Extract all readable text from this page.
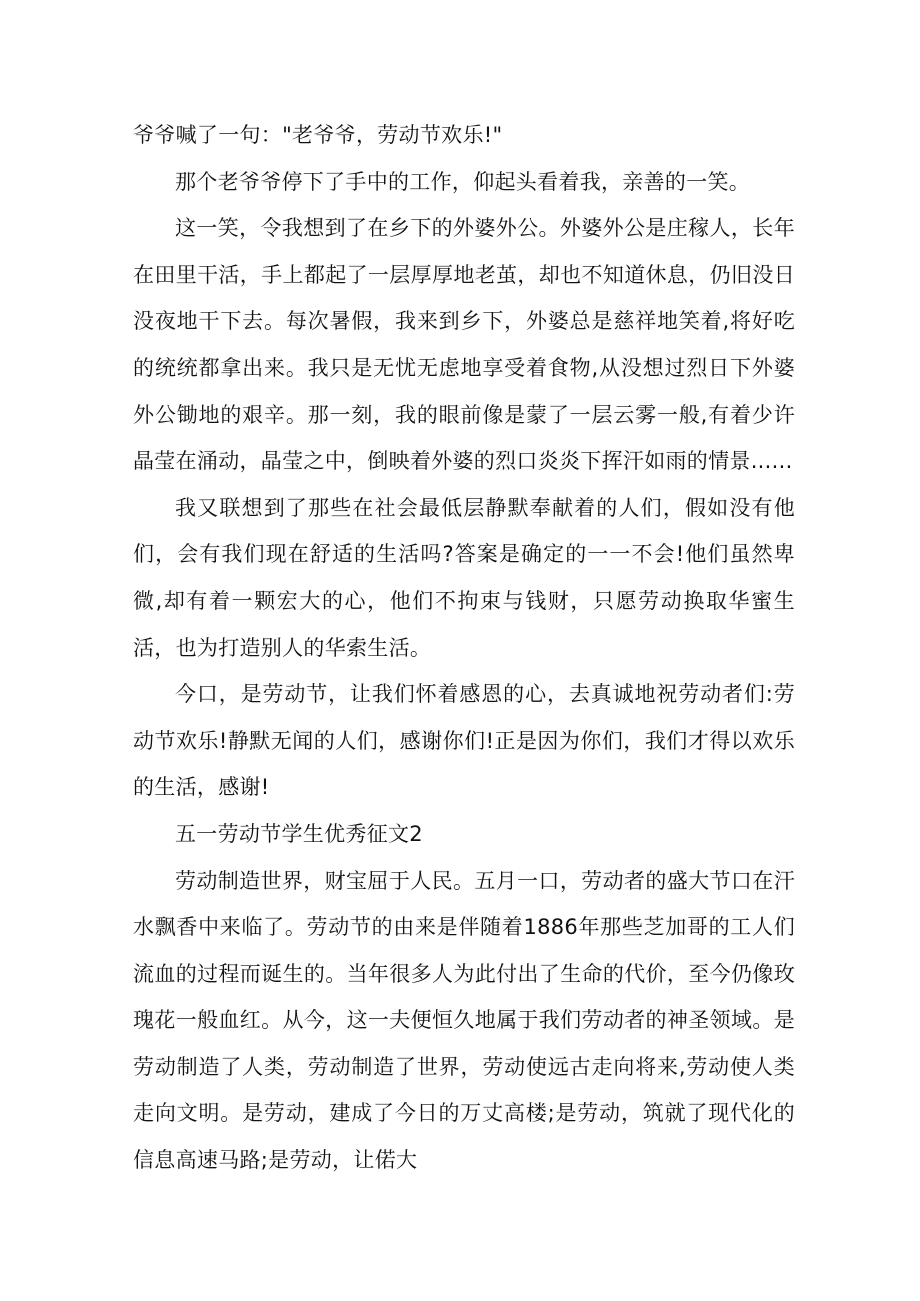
爷爷喊了一句："老爷爷，劳动节欢乐!"

那个老爷爷停下了手中的工作，仰起头看着我，亲善的一笑。

这一笑，令我想到了在乡下的外婆外公。外婆外公是庄稼人，长年在田里干活，手上都起了一层厚厚地老茧，却也不知道休息，仍旧没日没夜地干下去。每次暑假，我来到乡下，外婆总是慈祥地笑着,将好吃的统统都拿出来。我只是无忧无虑地享受着食物,从没想过烈日下外婆外公锄地的艰辛。那一刻，我的眼前像是蒙了一层云雾一般,有着少许晶莹在涌动，晶莹之中，倒映着外婆的烈口炎炎下挥汗如雨的情景......

我又联想到了那些在社会最低层静默奉献着的人们，假如没有他们，会有我们现在舒适的生活吗?答案是确定的一一不会!他们虽然卑微,却有着一颗宏大的心，他们不拘束与钱财，只愿劳动换取华蜜生活，也为打造别人的华索生活。

今口，是劳动节，让我们怀着感恩的心，去真诚地祝劳动者们:劳动节欢乐!静默无闻的人们，感谢你们!正是因为你们，我们才得以欢乐的生活，感谢!

五一劳动节学生优秀征文2

劳动制造世界，财宝屈于人民。五月一口，劳动者的盛大节口在汗水飘香中来临了。劳动节的由来是伴随着1886年那些芝加哥的工人们流血的过程而诞生的。当年很多人为此付出了生命的代价，至今仍像玫瑰花一般血红。从今，这一夫便恒久地属于我们劳动者的神圣领域。是劳动制造了人类，劳动制造了世界，劳动使远古走向将来,劳动使人类走向文明。是劳动，建成了今日的万丈高楼;是劳动，筑就了现代化的信息高速马路;是劳动，让偌大
